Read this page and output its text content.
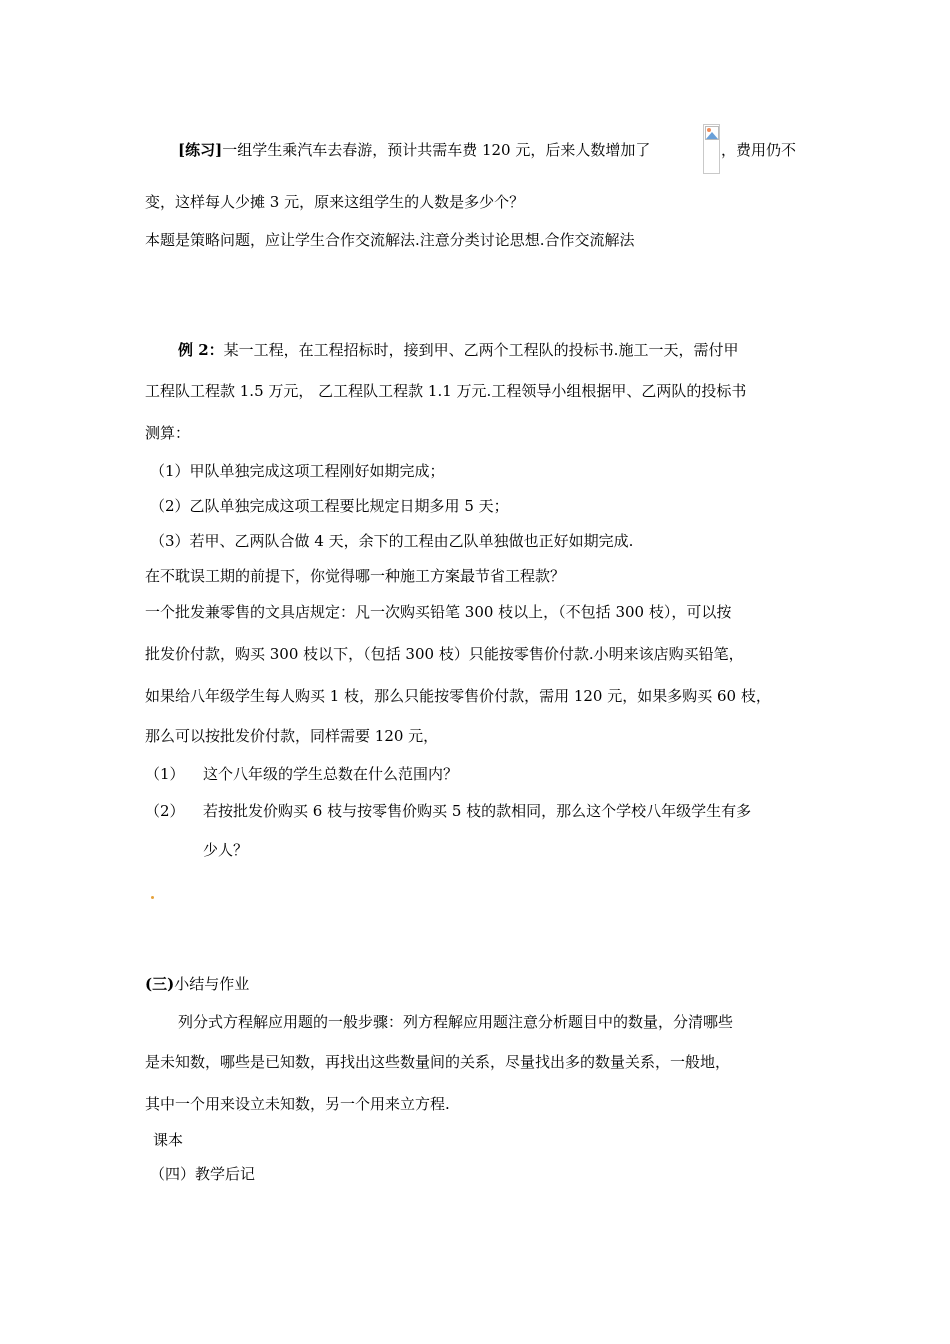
[练习]一组学生乘汽车去春游，预计共需车费 120 元，后来人数增加了	，费用仍不
变，这样每人少摊 3 元，原来这组学生的人数是多少个？
本题是策略问题，应让学生合作交流解法.注意分类讨论思想.合作交流解法
例 2：某一工程，在工程招标时，接到甲、乙两个工程队的投标书.施工一天，需付甲
工程队工程款 1.5 万元， 乙工程队工程款 1.1 万元.工程领导小组根据甲、乙两队的投标书
测算：
（1）甲队单独完成这项工程刚好如期完成；
（2）乙队单独完成这项工程要比规定日期多用 5 天；
（3）若甲、乙两队合做 4 天，余下的工程由乙队单独做也正好如期完成.
在不耽误工期的前提下，你觉得哪一种施工方案最节省工程款？
一个批发兼零售的文具店规定：凡一次购买铅笔 300 枝以上，（不包括 300 枝），可以按
批发价付款，购买 300 枝以下，（包括 300 枝）只能按零售价付款.小明来该店购买铅笔，
如果给八年级学生每人购买 1 枝，那么只能按零售价付款，需用 120 元，如果多购买 60 枝，
那么可以按批发价付款，同样需要 120 元，
（1） 这个八年级的学生总数在什么范围内？
（2） 若按批发价购买 6 枝与按零售价购买 5 枝的款相同，那么这个学校八年级学生有多
少人？
(三)小结与作业
列分式方程解应用题的一般步骤：列方程解应用题注意分析题目中的数量，分清哪些
是未知数，哪些是已知数，再找出这些数量间的关系，尽量找出多的数量关系，一般地，
其中一个用来设立未知数，另一个用来立方程.
课本
（四）教学后记
